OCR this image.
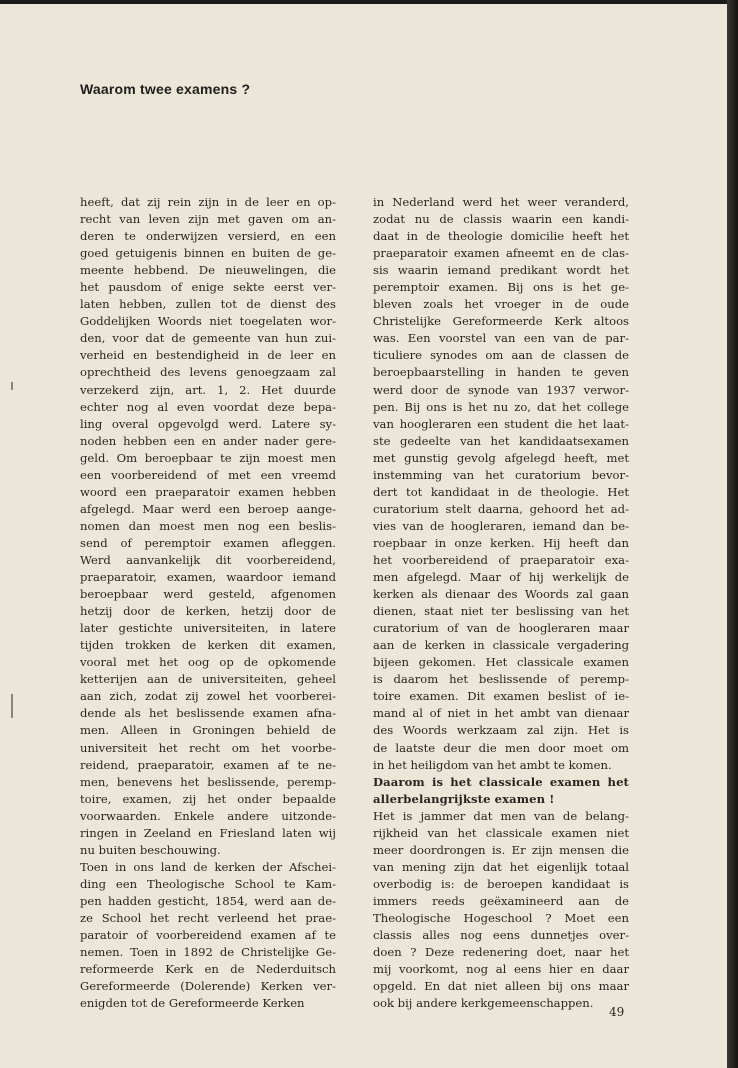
Waarom twee examens ?
heeft, dat zij rein zijn in de leer en op-
recht van leven zijn met gaven om an-
deren te onderwijzen versierd, en een
goed getuigenis binnen en buiten de ge-
meente hebbend. De nieuwelingen, die
het pausdom of enige sekte eerst ver-
laten hebben, zullen tot de dienst des
Goddelijken Woords niet toegelaten wor-
den, voor dat de gemeente van hun zui-
verheid en bestendigheid in de leer en
oprechtheid des levens genoegzaam zal
verzekerd zijn, art. 1, 2. Het duurde
echter nog al even voordat deze bepa-
ling overal opgevolgd werd. Latere sy-
noden hebben een en ander nader gere-
geld. Om beroepbaar te zijn moest men
een voorbereidend of met een vreemd
woord een praeparatoir examen hebben
afgelegd. Maar werd een beroep aange-
nomen dan moest men nog een beslis-
send of peremptoir examen afleggen.
Werd aanvankelijk dit voorbereidend,
praeparatoir, examen, waardoor iemand
beroepbaar werd gesteld, afgenomen
hetzij door de kerken, hetzij door de
later gestichte universiteiten, in latere
tijden trokken de kerken dit examen,
vooral met het oog op de opkomende
ketterijen aan de universiteiten, geheel
aan zich, zodat zij zowel het voorberei-
dende als het beslissende examen afna-
men. Alleen in Groningen behield de
universiteit het recht om het voorbe-
reidend, praeparatoir, examen af te ne-
men, benevens het beslissende, peremp-
toire, examen, zij het onder bepaalde
voorwaarden. Enkele andere uitzonde-
ringen in Zeeland en Friesland laten wij
nu buiten beschouwing.
Toen in ons land de kerken der Afschei-
ding een Theologische School te Kam-
pen hadden gesticht, 1854, werd aan de-
ze School het recht verleend het prae-
paratoir of voorbereidend examen af te
nemen. Toen in 1892 de Christelijke Ge-
reformeerde Kerk en de Nederduitsch
Gereformeerde (Dolerende) Kerken ver-
enigden tot de Gereformeerde Kerken
in Nederland werd het weer veranderd,
zodat nu de classis waarin een kandi-
daat in de theologie domicilie heeft het
praeparatoir examen afneemt en de clas-
sis waarin iemand predikant wordt het
peremptoir examen. Bij ons is het ge-
bleven zoals het vroeger in de oude
Christelijke Gereformeerde Kerk altoos
was. Een voorstel van een van de par-
ticuliere synodes om aan de classen de
beroepbaarstelling in handen te geven
werd door de synode van 1937 verwor-
pen. Bij ons is het nu zo, dat het college
van hoogleraren een student die het laat-
ste gedeelte van het kandidaatsexamen
met gunstig gevolg afgelegd heeft, met
instemming van het curatorium bevor-
dert tot kandidaat in de theologie. Het
curatorium stelt daarna, gehoord het ad-
vies van de hoogleraren, iemand dan be-
roepbaar in onze kerken. Hij heeft dan
het voorbereidend of praeparatoir exa-
men afgelegd. Maar of hij werkelijk de
kerken als dienaar des Woords zal gaan
dienen, staat niet ter beslissing van het
curatorium of van de hoogleraren maar
aan de kerken in classicale vergadering
bijeen gekomen. Het classicale examen
is daarom het beslissende of peremp-
toire examen. Dit examen beslist of ie-
mand al of niet in het ambt van dienaar
des Woords werkzaam zal zijn. Het is
de laatste deur die men door moet om
in het heiligdom van het ambt te komen.
Daarom is het classicale examen het
allerbelangrijkste examen !
Het is jammer dat men van de belang-
rijkheid van het classicale examen niet
meer doordrongen is. Er zijn mensen die
van mening zijn dat het eigenlijk totaal
overbodig is: de beroepen kandidaat is
immers reeds geëxamineerd aan de
Theologische Hogeschool ? Moet een
classis alles nog eens dunnetjes over-
doen ? Deze redenering doet, naar het
mij voorkomt, nog al eens hier en daar
opgeld. En dat niet alleen bij ons maar
ook bij andere kerkgemeenschappen.
49
